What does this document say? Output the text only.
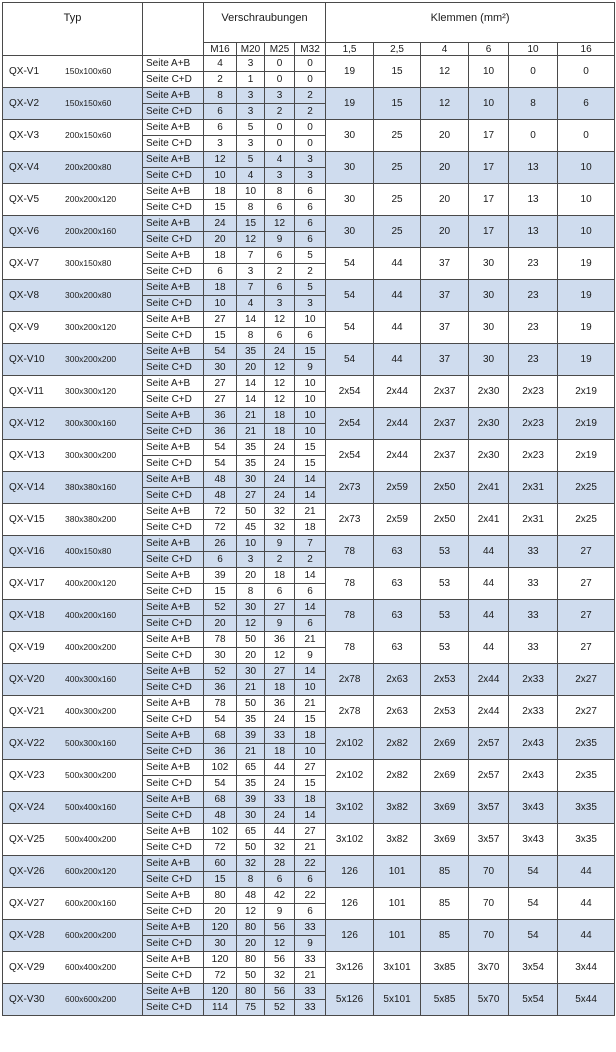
Typ		Verschraubungen				Klemmen (mm²)					
		M16	M20	M25	M32	1,5	2,5	4	6	10	16
QX-V1 150x100x60	Seite A+B	4	3	0	0	19	15	12	10	0	0
	Seite C+D	2	1	0	0						
QX-V2 150x150x60	Seite A+B	8	3	3	2	19	15	12	10	8	6
	Seite C+D	6	3	2	2						
QX-V3 200x150x60	Seite A+B	6	5	0	0	30	25	20	17	0	0
	Seite C+D	3	3	0	0						
QX-V4 200x200x80	Seite A+B	12	5	4	3	30	25	20	17	13	10
	Seite C+D	10	4	3	3						
QX-V5 200x200x120	Seite A+B	18	10	8	6	30	25	20	17	13	10
	Seite C+D	15	8	6	6						
QX-V6 200x200x160	Seite A+B	24	15	12	6	30	25	20	17	13	10
	Seite C+D	20	12	9	6						
QX-V7 300x150x80	Seite A+B	18	7	6	5	54	44	37	30	23	19
	Seite C+D	6	3	2	2						
QX-V8 300x200x80	Seite A+B	18	7	6	5	54	44	37	30	23	19
	Seite C+D	10	4	3	3						
QX-V9 300x200x120	Seite A+B	27	14	12	10	54	44	37	30	23	19
	Seite C+D	15	8	6	6						
QX-V10 300x200x200	Seite A+B	54	35	24	15	54	44	37	30	23	19
	Seite C+D	30	20	12	9						
QX-V11 300x300x120	Seite A+B	27	14	12	10	2x54	2x44	2x37	2x30	2x23	2x19
	Seite C+D	27	14	12	10						
QX-V12 300x300x160	Seite A+B	36	21	18	10	2x54	2x44	2x37	2x30	2x23	2x19
	Seite C+D	36	21	18	10						
QX-V13 300x300x200	Seite A+B	54	35	24	15	2x54	2x44	2x37	2x30	2x23	2x19
	Seite C+D	54	35	24	15						
QX-V14 380x380x160	Seite A+B	48	30	24	14	2x73	2x59	2x50	2x41	2x31	2x25
	Seite C+D	48	27	24	14						
QX-V15 380x380x200	Seite A+B	72	50	32	21	2x73	2x59	2x50	2x41	2x31	2x25
	Seite C+D	72	45	32	18						
QX-V16 400x150x80	Seite A+B	26	10	9	7	78	63	53	44	33	27
	Seite C+D	6	3	2	2						
QX-V17 400x200x120	Seite A+B	39	20	18	14	78	63	53	44	33	27
	Seite C+D	15	8	6	6						
QX-V18 400x200x160	Seite A+B	52	30	27	14	78	63	53	44	33	27
	Seite C+D	20	12	9	6						
QX-V19 400x200x200	Seite A+B	78	50	36	21	78	63	53	44	33	27
	Seite C+D	30	20	12	9						
QX-V20 400x300x160	Seite A+B	52	30	27	14	2x78	2x63	2x53	2x44	2x33	2x27
	Seite C+D	36	21	18	10						
QX-V21 400x300x200	Seite A+B	78	50	36	21	2x78	2x63	2x53	2x44	2x33	2x27
	Seite C+D	54	35	24	15						
QX-V22 500x300x160	Seite A+B	68	39	33	18	2x102	2x82	2x69	2x57	2x43	2x35
	Seite C+D	36	21	18	10						
QX-V23 500x300x200	Seite A+B	102	65	44	27	2x102	2x82	2x69	2x57	2x43	2x35
	Seite C+D	54	35	24	15						
QX-V24 500x400x160	Seite A+B	68	39	33	18	3x102	3x82	3x69	3x57	3x43	3x35
	Seite C+D	48	30	24	14						
QX-V25 500x400x200	Seite A+B	102	65	44	27	3x102	3x82	3x69	3x57	3x43	3x35
	Seite C+D	72	50	32	21						
QX-V26 600x200x120	Seite A+B	60	32	28	22	126	101	85	70	54	44
	Seite C+D	15	8	6	6						
QX-V27 600x200x160	Seite A+B	80	48	42	22	126	101	85	70	54	44
	Seite C+D	20	12	9	6						
QX-V28 600x200x200	Seite A+B	120	80	56	33	126	101	85	70	54	44
	Seite C+D	30	20	12	9						
QX-V29 600x400x200	Seite A+B	120	80	56	33	3x126	3x101	3x85	3x70	3x54	3x44
	Seite C+D	72	50	32	21						
QX-V30 600x600x200	Seite A+B	120	80	56	33	5x126	5x101	5x85	5x70	5x54	5x44
	Seite C+D	114	75	52	33						
